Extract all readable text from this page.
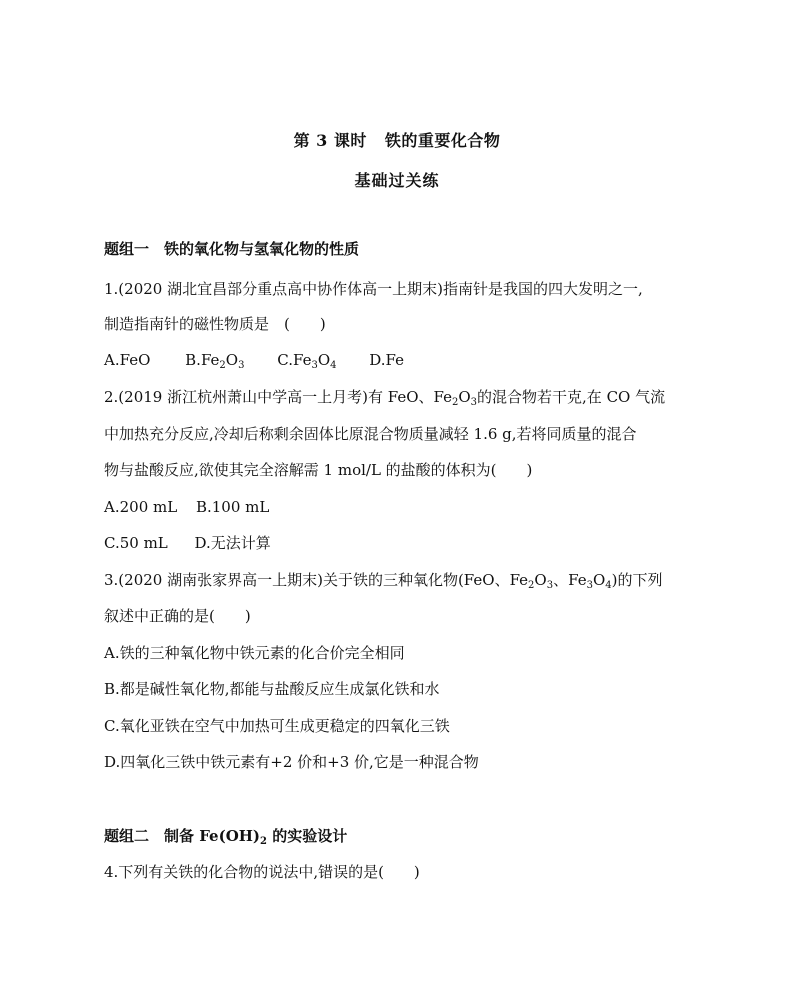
第 3 课时 铁的重要化合物
基础过关练
题组一　铁的氧化物与氢氧化物的性质
1.(2020 湖北宜昌部分重点高中协作体高一上期末)指南针是我国的四大发明之一,
制造指南针的磁性物质是　(　　)
A.FeO $B.Fe_2O_3$ $C.Fe_3O_4$ D.Fe
2.(2019 浙江杭州萧山中学高一上月考)有 FeO、$Fe_2O_3$的混合物若干克,在 CO 气流
中加热充分反应,冷却后称剩余固体比原混合物质量减轻 1.6 g,若将同质量的混合
物与盐酸反应,欲使其完全溶解需 1 mol/L 的盐酸的体积为(　　)
A.200 mL B.100 mL
C.50 mL D.无法计算
3.(2020 湖南张家界高一上期末)关于铁的三种氧化物(FeO、$Fe_2O_3$、$Fe_3O_4$)的下列
叙述中正确的是(　　)
A.铁的三种氧化物中铁元素的化合价完全相同
B.都是碱性氧化物,都能与盐酸反应生成氯化铁和水
C.氧化亚铁在空气中加热可生成更稳定的四氧化三铁
D.四氧化三铁中铁元素有+2 价和+3 价,它是一种混合物
题组二　制备 $Fe(OH)_2$ 的实验设计
4.下列有关铁的化合物的说法中,错误的是(　　)
